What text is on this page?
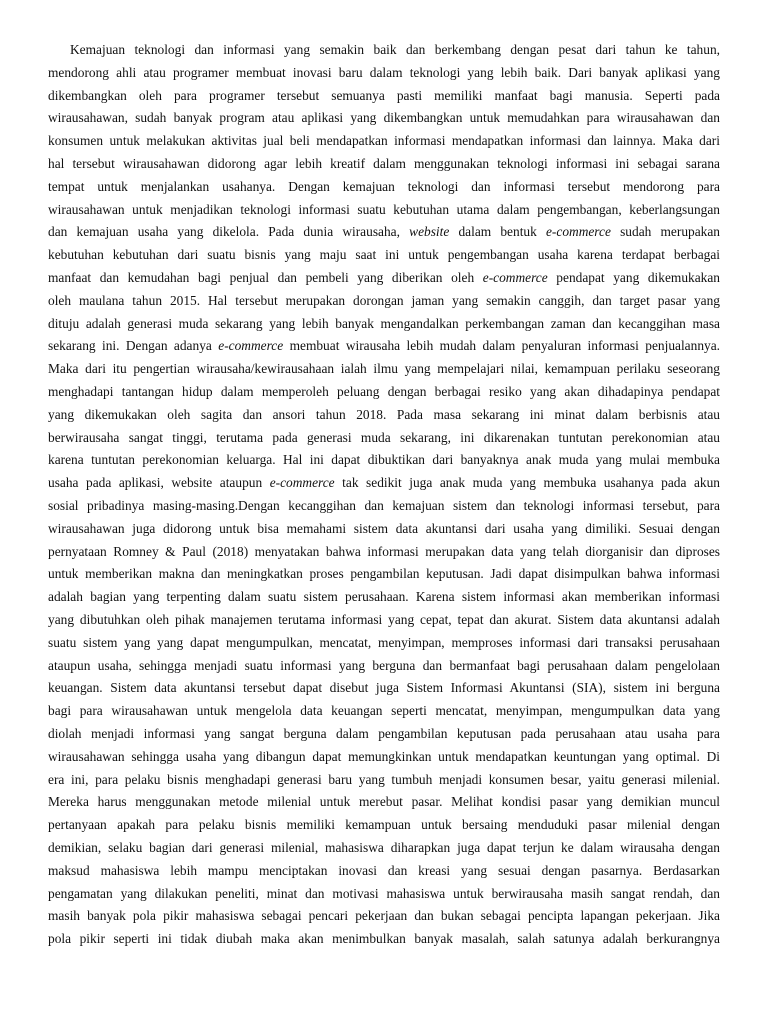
Kemajuan teknologi dan informasi yang semakin baik dan berkembang dengan pesat dari tahun ke tahun,
mendorong ahli atau programer membuat inovasi baru dalam teknologi yang lebih baik. Dari banyak aplikasi yang
dikembangkan oleh para programer tersebut semuanya pasti memiliki manfaat bagi manusia. Seperti pada
wirausahawan, sudah banyak program atau aplikasi yang dikembangkan untuk memudahkan para wirausahawan dan
konsumen untuk melakukan aktivitas jual beli mendapatkan informasi mendapatkan informasi dan lainnya. Maka dari
hal tersebut wirausahawan didorong agar lebih kreatif dalam menggunakan teknologi informasi ini sebagai sarana
tempat untuk menjalankan usahanya. Dengan kemajuan teknologi dan informasi tersebut mendorong para
wirausahawan untuk menjadikan teknologi informasi suatu kebutuhan utama dalam pengembangan, keberlangsungan
dan kemajuan usaha yang dikelola. Pada dunia wirausaha, website dalam bentuk e-commerce sudah merupakan
kebutuhan kebutuhan dari suatu bisnis yang maju saat ini untuk pengembangan usaha karena terdapat berbagai
manfaat dan kemudahan bagi penjual dan pembeli yang diberikan oleh e-commerce pendapat yang dikemukakan
oleh maulana tahun 2015. Hal tersebut merupakan dorongan jaman yang semakin canggih, dan target pasar yang
dituju adalah generasi muda sekarang yang lebih banyak mengandalkan perkembangan zaman dan kecanggihan masa
sekarang ini. Dengan adanya e-commerce membuat wirausaha lebih mudah dalam penyaluran informasi penjualannya.
Maka dari itu pengertian wirausaha/kewirausahaan ialah ilmu yang mempelajari nilai, kemampuan perilaku seseorang
menghadapi tantangan hidup dalam memperoleh peluang dengan berbagai resiko yang akan dihadapinya pendapat
yang dikemukakan oleh sagita dan ansori tahun 2018. Pada masa sekarang ini minat dalam berbisnis atau
berwirausaha sangat tinggi, terutama pada generasi muda sekarang, ini dikarenakan tuntutan perekonomian atau
karena tuntutan perekonomian keluarga. Hal ini dapat dibuktikan dari banyaknya anak muda yang mulai membuka
usaha pada aplikasi, website ataupun e-commerce tak sedikit juga anak muda yang membuka usahanya pada akun
sosial pribadinya masing-masing.Dengan kecanggihan dan kemajuan sistem dan teknologi informasi tersebut, para
wirausahawan juga didorong untuk bisa memahami sistem data akuntansi dari usaha yang dimiliki. Sesuai dengan
pernyataan Romney & Paul (2018) menyatakan bahwa informasi merupakan data yang telah diorganisir dan diproses
untuk memberikan makna dan meningkatkan proses pengambilan keputusan. Jadi dapat disimpulkan bahwa informasi
adalah bagian yang terpenting dalam suatu sistem perusahaan. Karena sistem informasi akan memberikan informasi
yang dibutuhkan oleh pihak manajemen terutama informasi yang cepat, tepat dan akurat. Sistem data akuntansi adalah
suatu sistem yang yang dapat mengumpulkan, mencatat, menyimpan, memproses informasi dari transaksi perusahaan
ataupun usaha, sehingga menjadi suatu informasi yang berguna dan bermanfaat bagi perusahaan dalam pengelolaan
keuangan. Sistem data akuntansi tersebut dapat disebut juga Sistem Informasi Akuntansi (SIA), sistem ini berguna
bagi para wirausahawan untuk mengelola data keuangan seperti mencatat, menyimpan, mengumpulkan data yang
diolah menjadi informasi yang sangat berguna dalam pengambilan keputusan pada perusahaan atau usaha para
wirausahawan sehingga usaha yang dibangun dapat memungkinkan untuk mendapatkan keuntungan yang optimal. Di
era ini, para pelaku bisnis menghadapi generasi baru yang tumbuh menjadi konsumen besar, yaitu generasi milenial.
Mereka harus menggunakan metode milenial untuk merebut pasar. Melihat kondisi pasar yang demikian muncul
pertanyaan apakah para pelaku bisnis memiliki kemampuan untuk bersaing menduduki pasar milenial dengan
demikian, selaku bagian dari generasi milenial, mahasiswa diharapkan juga dapat terjun ke dalam wirausaha dengan
maksud mahasiswa lebih mampu menciptakan inovasi dan kreasi yang sesuai dengan pasarnya. Berdasarkan
pengamatan yang dilakukan peneliti, minat dan motivasi mahasiswa untuk berwirausaha masih sangat rendah, dan
masih banyak pola pikir mahasiswa sebagai pencari pekerjaan dan bukan sebagai pencipta lapangan pekerjaan. Jika
pola pikir seperti ini tidak diubah maka akan menimbulkan banyak masalah, salah satunya adalah berkurangnya
